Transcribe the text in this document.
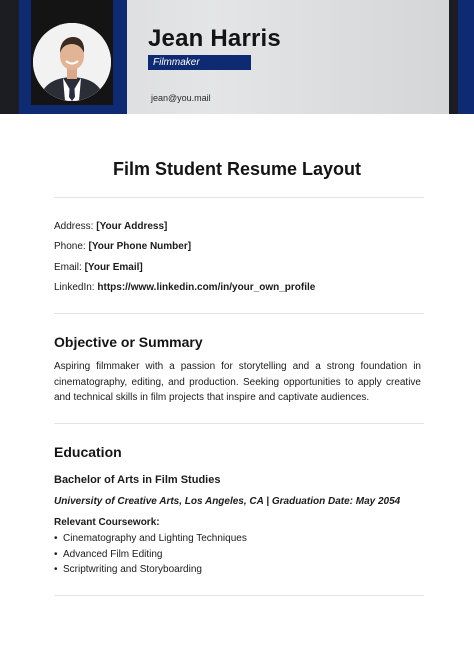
Jean Harris
Filmmaker
jean@you.mail
Film Student Resume Layout
Address: [Your Address]
Phone: [Your Phone Number]
Email: [Your Email]
LinkedIn: https://www.linkedin.com/in/your_own_profile
Objective or Summary
Aspiring filmmaker with a passion for storytelling and a strong foundation in cinematography, editing, and production. Seeking opportunities to apply creative and technical skills in film projects that inspire and captivate audiences.
Education
Bachelor of Arts in Film Studies
University of Creative Arts, Los Angeles, CA | Graduation Date: May 2054
Relevant Coursework:
• Cinematography and Lighting Techniques
• Advanced Film Editing
• Scriptwriting and Storyboarding
